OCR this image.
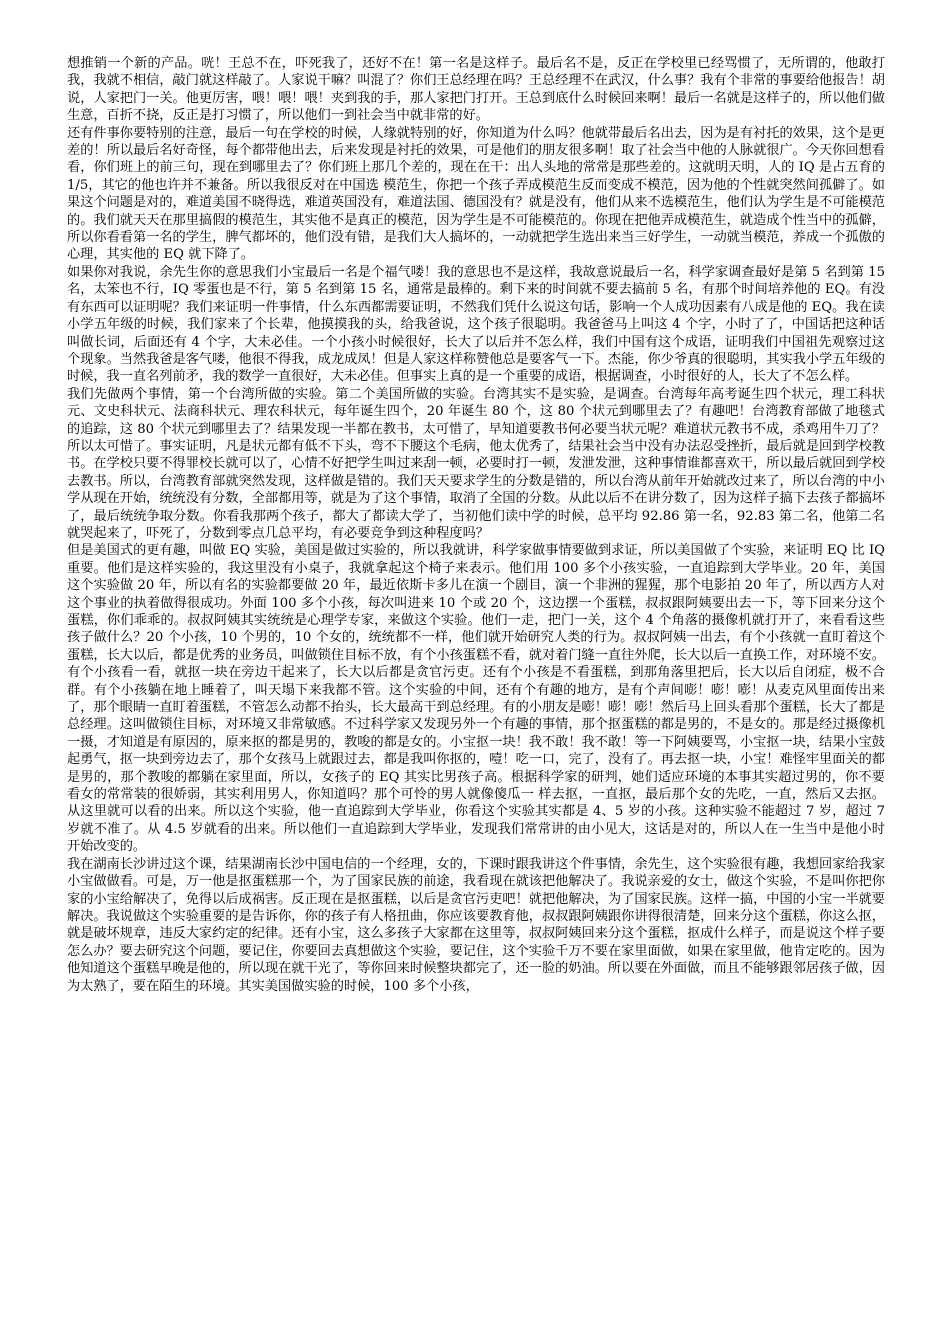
想推销一个新的产品。咣！王总不在，吓死我了，还好不在！第一名是这样子。最后名不是，反正在学校里已经骂惯了，无所谓的，他敢打我，我就不相信，敲门就这样敲了。人家说干嘛？叫混了？你们王总经理在吗？王总经理不在武汉，什么事？我有个非常的事要给他报告！胡说，人家把门一关。他更厉害，喂！喂！喂！夹到我的手，那人家把门打开。王总到底什么时候回来啊！最后一名就是这样子的，所以他们做生意，百折不挠，反正是打习惯了，所以他们一到社会当中就非常的好。

还有件事你要特别的注意，最后一句在学校的时候，人缘就特别的好，你知道为什么吗？他就带最后名出去，因为是有衬托的效果，这个是更差的！所以最后名好奇怪，每个都带他出去，后来发现是衬托的效果，可是他们的朋友很多啊！取了社会当中他的人脉就很广。今天你回想看看，你们班上的前三句，现在到哪里去了？你们班上那几个差的，现在在干：出人头地的常常是那些差的。这就明天明，人的 IQ 是占五育的 1/5，其它的他也许并不兼备。所以我很反对在中国选 模范生，你把一个孩子弄成模范生反而变成不模范，因为他的个性就突然间孤僻了。如果这个问题是对的，难道美国不晓得选，难道英国没有，难道法国、德国没有？就是没有，他们从来不选模范生，他们认为学生是不可能模范的。我们就天天在那里搞假的模范生，其实他不是真正的模范，因为学生是不可能模范的。你现在把他弄成模范生，就造成个性当中的孤僻，所以你看看第一名的学生，脾气都坏的，他们没有错，是我们大人搞坏的，一动就把学生选出来当三好学生，一动就当模范，养成一个孤傲的心理，其实他的 EQ 就下降了。

如果你对我说，余先生你的意思我们小宝最后一名是个福气喽！我的意思也不是这样，我故意说最后一名，科学家调查最好是第 5 名到第 15 名，太笨也不行，IQ 零蛋也是不行，第 5 名到第 15 名，通常是最棒的。剩下来的时间就不要去搞前 5 名，有那个时间培养他的 EQ。有没有东西可以证明呢？我们来证明一件事情，什么东西都需要证明，不然我们凭什么说这句话，影响一个人成功因素有八成是他的 EQ。我在读小学五年级的时候，我们家来了个长辈，他摸摸我的头，给我爸说，这个孩子很聪明。我爸爸马上叫这 4 个字，小时了了，中国话把这种话叫做长词，后面还有 4 个字，大未必佳。一个小孩小时候很好，长大了以后并不怎么样，我们中国有这个成语，证明我们中国祖先观察过这个现象。当然我爸是客气喽，他很不得我，成龙成凤！但是人家这样称赞他总是要客气一下。杰能，你少爷真的很聪明，其实我小学五年级的时候，我一直名列前矛，我的数学一直很好，大未必佳。但事实上真的是一个重要的成语，根据调查，小时很好的人，长大了不怎么样。

我们先做两个事情，第一个台湾所做的实验。第二个美国所做的实验。台湾其实不是实验，是调查。台湾每年高考诞生四个状元，理工科状元、文史科状元、法商科状元、理农科状元，每年诞生四个，20 年诞生 80 个，这 80 个状元到哪里去了？有趣吧！台湾教育部做了地毯式的追踪，这 80 个状元到哪里去了？结果发现一半都在教书，太可惜了，早知道要教书何必要当状元呢？难道状元教书不成，杀鸡用牛刀了？所以太可惜了。事实证明，凡是状元都有低不下头，弯不下腰这个毛病，他太优秀了，结果社会当中没有办法忍受挫折，最后就是回到学校教书。在学校只要不得罪校长就可以了，心情不好把学生叫过来刮一顿，必要时打一顿，发泄发泄，这种事情谁都喜欢干，所以最后就回到学校去教书。所以，台湾教育部就突然发现，这样做是错的。我们天天要求学生的分数是错的，所以台湾从前年开始就改过来了，所以台湾的中小学从现在开始，统统没有分数，全部都用等，就是为了这个事情，取消了全国的分数。从此以后不在讲分数了，因为这样子搞下去孩子都搞坏了，最后统统争取分数。你看我那两个孩子，都大了都读大学了，当初他们读中学的时候，总平均 92.86 第一名，92.83 第二名，他第二名就哭起来了，吓死了，分数到零点几总平均，有必要竞争到这种程度吗？

但是美国式的更有趣，叫做 EQ 实验，美国是做过实验的，所以我就讲，科学家做事情要做到求证，所以美国做了个实验，来证明 EQ 比 IQ 重要。他们是这样实验的，我这里没有小桌子，我就拿起这个椅子来表示。他们用 100 多个小孩实验，一直追踪到大学毕业。20 年，美国这个实验做 20 年，所以有名的实验都要做 20 年，最近依斯卡多儿在演一个剧目，演一个非洲的猩猩，那个电影拍 20 年了，所以西方人对这个事业的执着做得很成功。外面 100 多个小孩，每次叫进来 10 个或 20 个，这边摆一个蛋糕，叔叔跟阿姨要出去一下，等下回来分这个蛋糕，你们乖乖的。叔叔阿姨其实统统是心理学专家，来做这个实验。他们一走，把门一关，这个 4 个角落的摄像机就打开了，来看看这些孩子做什么？20 个小孩，10 个男的，10 个女的，统统都不一样，他们就开始研究人类的行为。叔叔阿姨一出去，有个小孩就一直盯着这个蛋糕，长大以后，都是优秀的业务员，叫做锁住目标不放，有个小孩蛋糕不看，就对着门缝一直往外爬，长大以后一直换工作，对环境不安。有个小孩看一看，就抠一块在旁边干起来了，长大以后都是贪官污吏。还有个小孩是不看蛋糕，到那角落里把后，长大以后自闭症，极不合群。有个小孩躺在地上睡着了，叫天塌下来我都不管。这个实验的中间，还有个有趣的地方，是有个声间嘭！嘭！嘭！从麦克风里面传出来了，那个眼睛一直盯着蛋糕，不管怎么动都不抬头，长大最高干到总经理。有的小朋友是嘭！嘭！嘭！然后马上回头看那个蛋糕，长大了都是总经理。这叫做锁住目标，对环境又非常敏感。不过科学家又发现另外一个有趣的事情，那个抠蛋糕的都是男的，不是女的。那是经过摄像机一摄，才知道是有原因的，原来抠的都是男的，教唆的都是女的。小宝抠一块！我不敢！我不敢！等一下阿姨要骂，小宝抠一块，结果小宝鼓起勇气，抠一块到旁边去了，那个女孩马上就跟过去，都是我叫你抠的，噎！吃一口，完了，没有了。再去抠一块，小宝！难怪牢里面关的都是男的，那个教唆的都躺在家里面，所以，女孩子的 EQ 其实比男孩子高。根据科学家的研判，她们适应环境的本事其实超过男的，你不要看女的常常装的很娇弱，其实利用男人，你知道吗？那个可怜的男人就像傻瓜一 样去抠，一直抠，最后那个女的先吃，一直，然后又去抠。从这里就可以看的出来。所以这个实验，他一直追踪到大学毕业，你看这个实验其实都是 4、5 岁的小孩。这种实验不能超过 7 岁，超过 7 岁就不准了。从 4.5 岁就看的出来。所以他们一直追踪到大学毕业，发现我们常常讲的由小见大，这话是对的，所以人在一生当中是他小时开始改变的。

我在湖南长沙讲过这个课，结果湖南长沙中国电信的一个经理，女的，下课时跟我讲这个件事情，余先生，这个实验很有趣，我想回家给我家小宝做做看。可是，万一他是抠蛋糕那一个，为了国家民族的前途，我看现在就该把他解决了。我说亲爱的女士，做这个实验，不是叫你把你家的小宝给解决了，免得以后成祸害。反正现在是抠蛋糕，以后是贪官污吏吧！就把他解决，为了国家民族。这样一搞，中国的小宝一半就要解决。我说做这个实验重要的是告诉你，你的孩子有人格扭曲，你应该要教育他，叔叔跟阿姨跟你讲得很清楚，回来分这个蛋糕，你这么抠，就是破坏规章，违反大家约定的纪律。还有小宝，这么多孩子大家都在这里等，叔叔阿姨回来分这个蛋糕，抠成什么样子，而是说这个样子要怎么办？要去研究这个问题，要记住，你要回去真想做这个实验，要记住，这个实验千万不要在家里面做，如果在家里做，他肯定吃的。因为他知道这个蛋糕早晚是他的，所以现在就干光了，等你回来时候整块都完了，还一脸的奶油。所以要在外面做，而且不能够跟邻居孩子做，因为太熟了，要在陌生的环境。其实美国做实验的时候，100 多个小孩，
